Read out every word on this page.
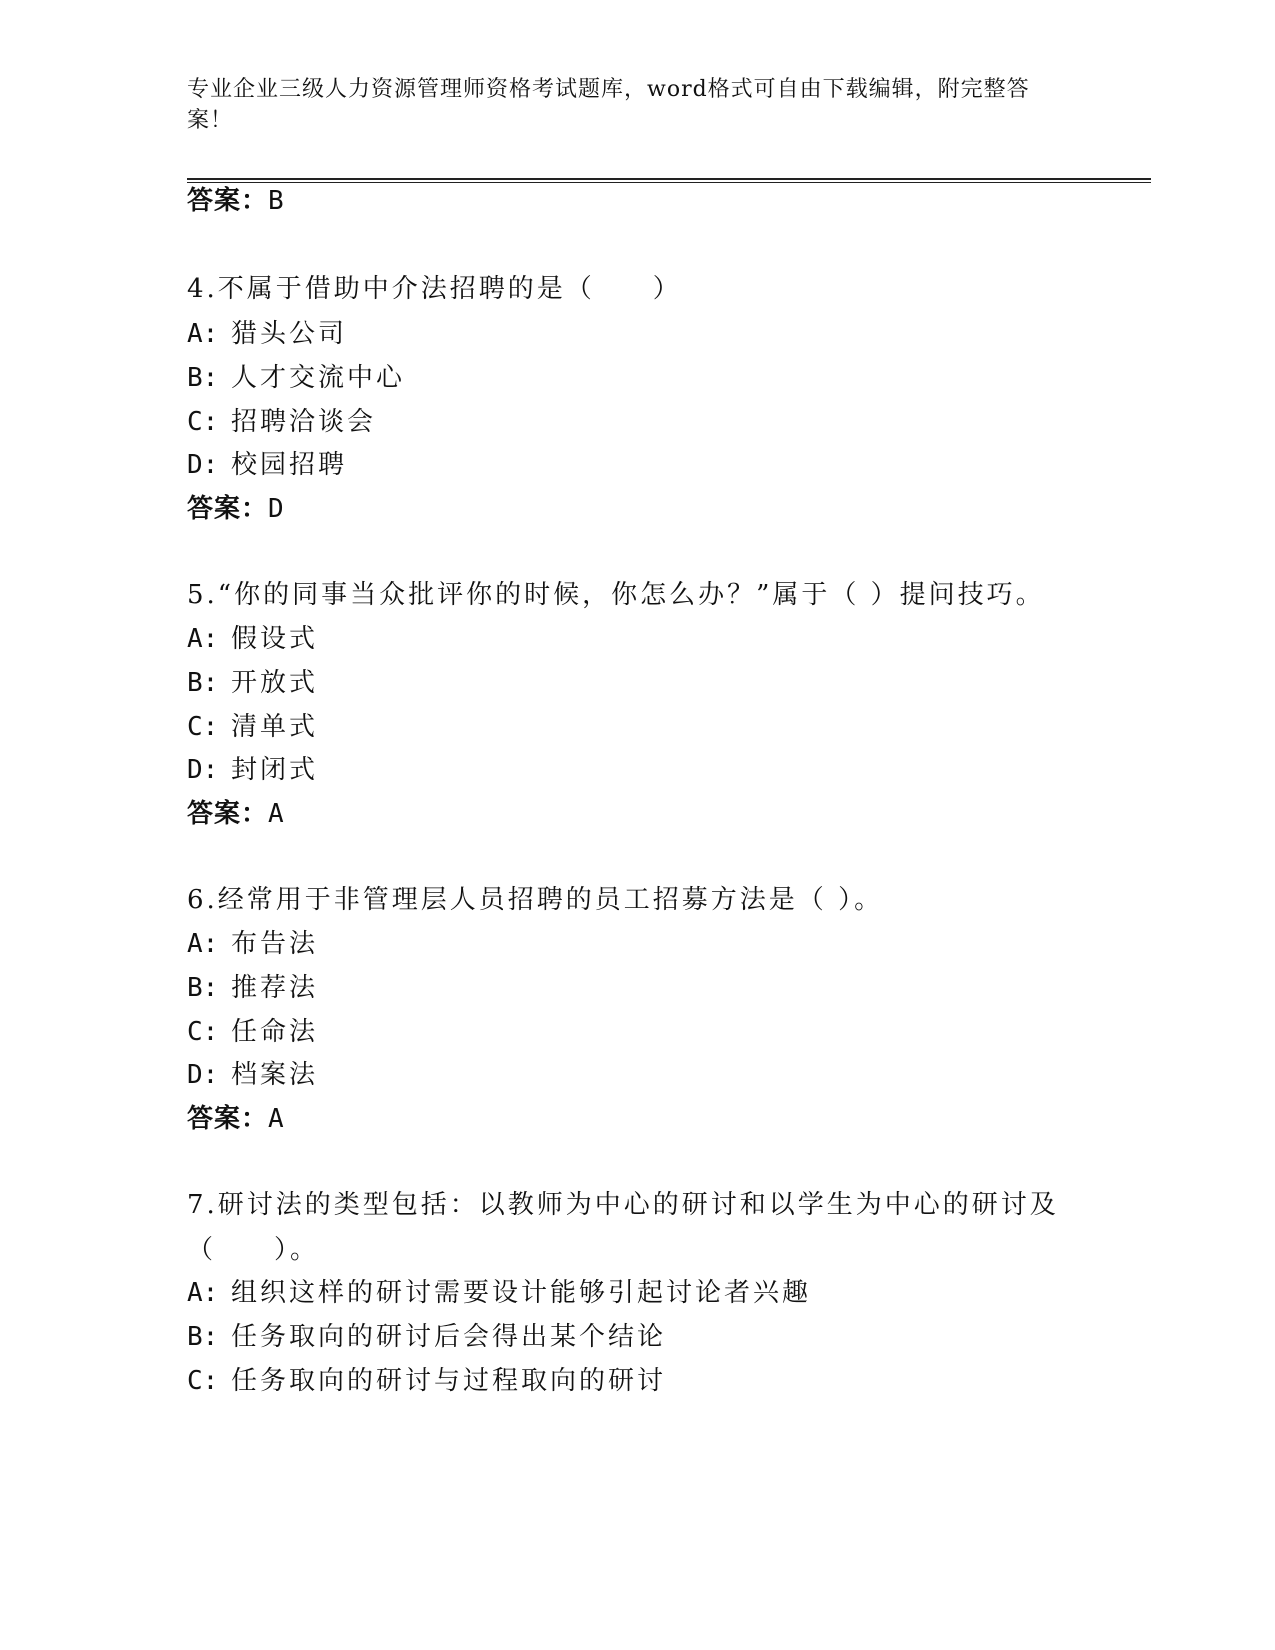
专业企业三级人力资源管理师资格考试题库，word格式可自由下载编辑，附完整答案！
答案：B
4.不属于借助中介法招聘的是（　　）
A: 猎头公司
B: 人才交流中心
C: 招聘洽谈会
D: 校园招聘
答案：D
5.“你的同事当众批评你的时候，你怎么办？”属于（ ）提问技巧。
A: 假设式
B: 开放式
C: 清单式
D: 封闭式
答案：A
6.经常用于非管理层人员招聘的员工招募方法是（ ）。
A: 布告法
B: 推荐法
C: 任命法
D: 档案法
答案：A
7.研讨法的类型包括：以教师为中心的研讨和以学生为中心的研讨及（　　）。
A: 组织这样的研讨需要设计能够引起讨论者兴趣
B: 任务取向的研讨后会得出某个结论
C: 任务取向的研讨与过程取向的研讨
